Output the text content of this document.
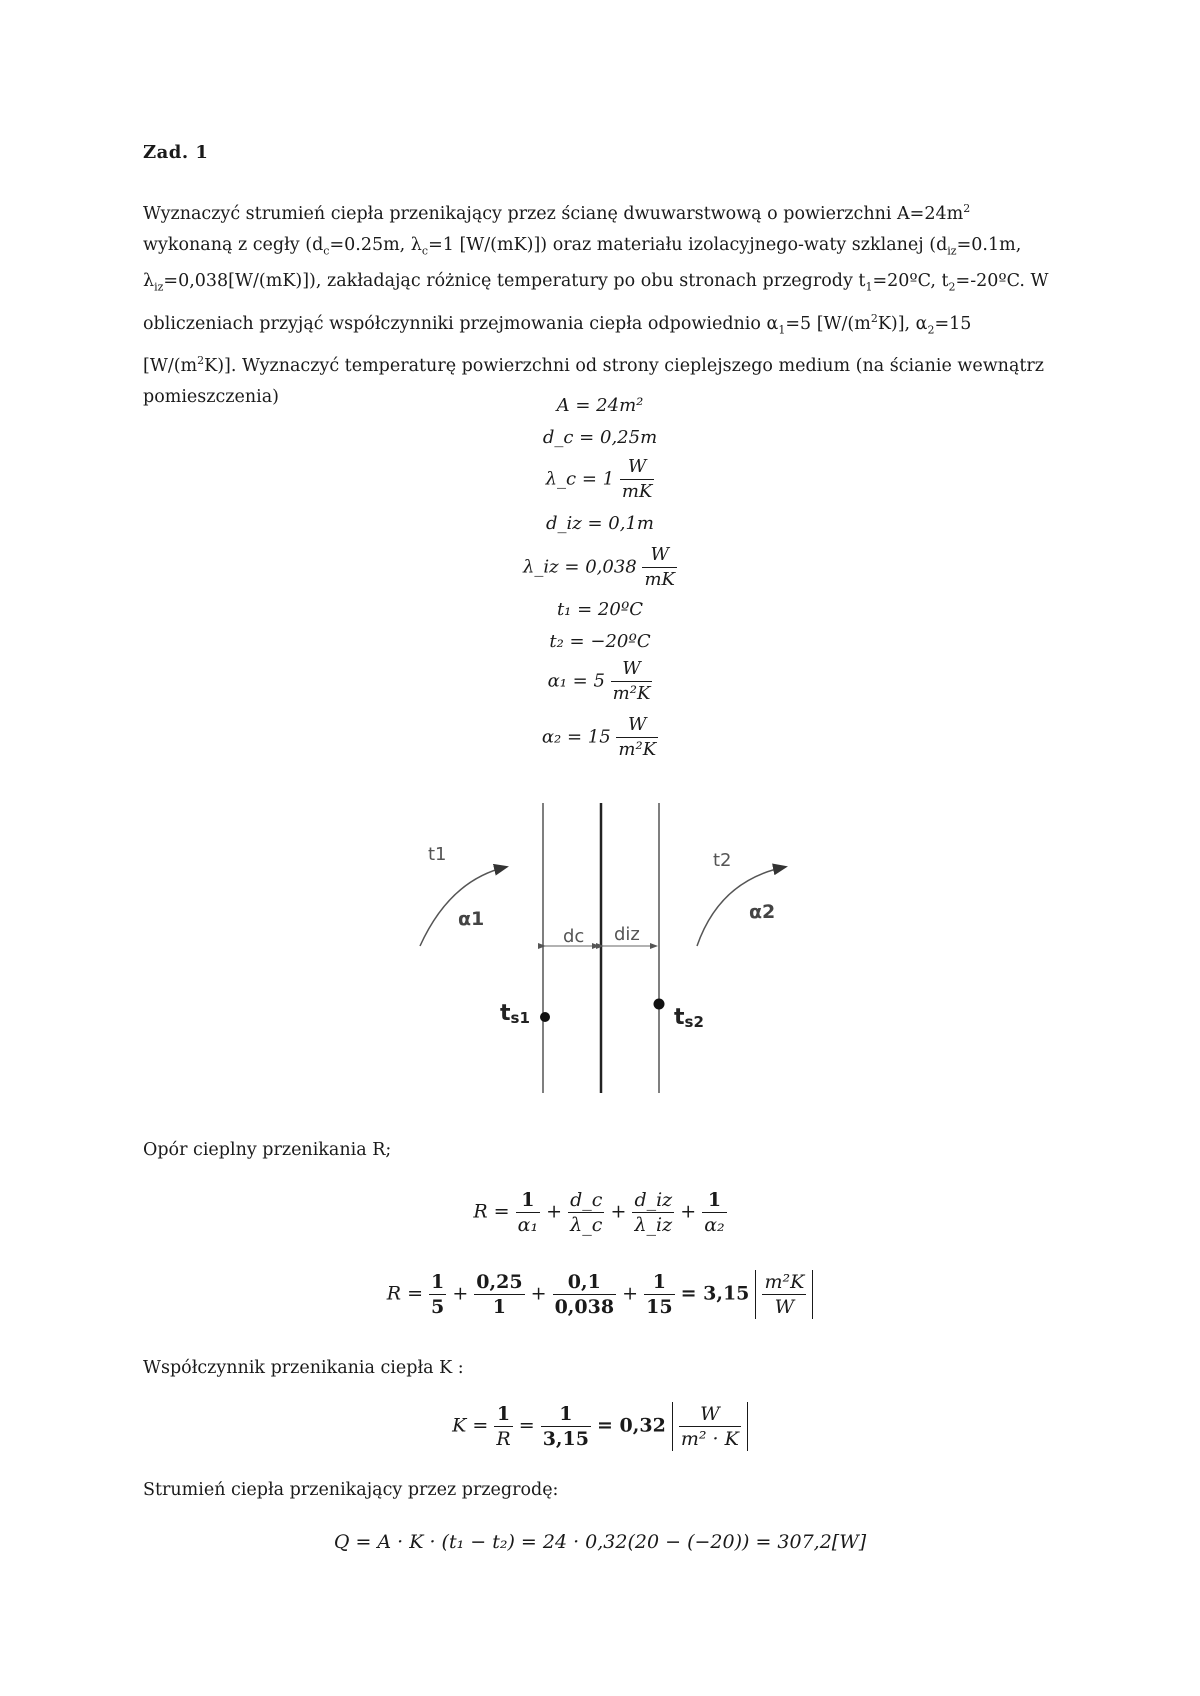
Zad. 1
Wyznaczyć strumień ciepła przenikający przez ścianę dwuwarstwową o powierzchni $A=24m^2$
wykonaną z cegły ($d_c=0.25m$, $\lambda_c=1$ [W/(mK)]) oraz materiału izolacyjnego-waty szklanej ($d_{iz}=0.1m$,
$\lambda_{iz}=0,038[W/(mK)]$), zakładając różnicę temperatury po obu stronach przegrody $t_1=20ºC$, $t_2=-20ºC$. W
obliczeniach przyjąć współczynniki przejmowania ciepła odpowiednio $\alpha_1=5$ $[W/(m^2K)]$, $\alpha_2=15$
$[W/(m^2K)]$. Wyznaczyć temperaturę powierzchni od strony cieplejszego medium (na ścianie wewnątrz
pomieszczenia)	A = 24m²
d_c = 0,25m
λ_c = $1 \frac{W}{mK}$
d_iz = 0,1m
λ_iz = $0,038 \frac{W}{mK}$
t₁ = 20ºC
t₂ = −20ºC
$\alpha_1 = 5 \frac{W}{\text{m²K}}$
$\alpha_2 = 15 \frac{W}{\text{m²K}}$
t1	t2
α1	α2
dc diz
ts1	ts2
Opór cieplny przenikania R;
$R = \frac{1}{\text{α₁}} + \frac{d\_c}{\lambda\_c} + \frac{d\_iz}{\lambda\_iz} + \frac{1}{\text{α₂}}$
$R = \frac{1}{5} + \frac{0,25}{1} + \frac{0,1}{0,038} + \frac{1}{15} = 3,15 \frac{\text{m²K}}{W}$
Współczynnik przenikania ciepła K :
$K = \frac{1}{R} = \frac{1}{3,15} = 0,32 \frac{W}{\text{m² · K}}$
Strumień ciepła przenikający przez przegrodę:
Q = A · K · (t₁ − t₂) = 24 · 0,32(20 − (−20)) = 307,2[W]
